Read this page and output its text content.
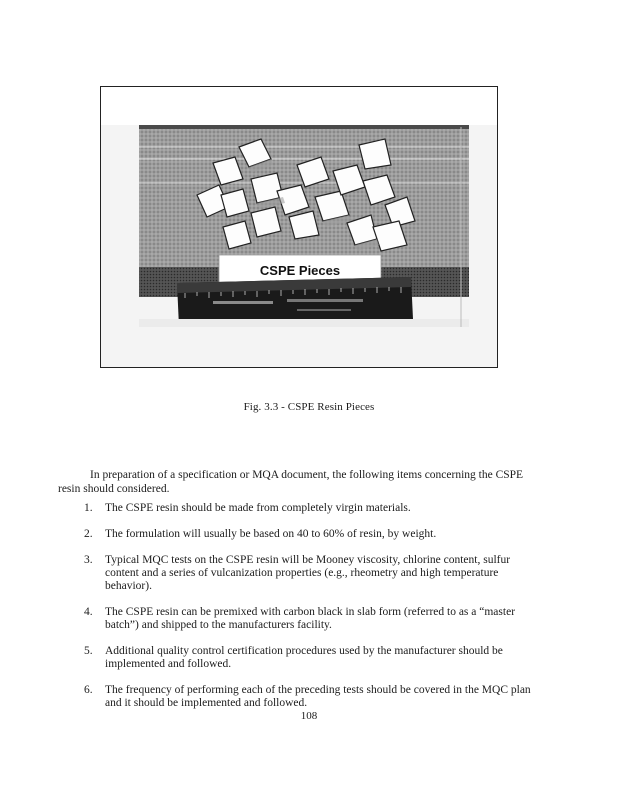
CSPE Pieces
Fig. 3.3 - CSPE Resin Pieces

In preparation of a specification or MQA document, the following items concerning the CSPE resin should considered.

1. The CSPE resin should be made from completely virgin materials.
2. The formulation will usually be based on 40 to 60% of resin, by weight.
3. Typical MQC tests on the CSPE resin will be Mooney viscosity, chlorine content, sulfur content and a series of vulcanization properties (e.g., rheometry and high temperature behavior).
4. The CSPE resin can be premixed with carbon black in slab form (referred to as a “master batch”) and shipped to the manufacturers facility.
5. Additional quality control certification procedures used by the manufacturer should be implemented and followed.
6. The frequency of performing each of the preceding tests should be covered in the MQC plan and it should be implemented and followed.
108
